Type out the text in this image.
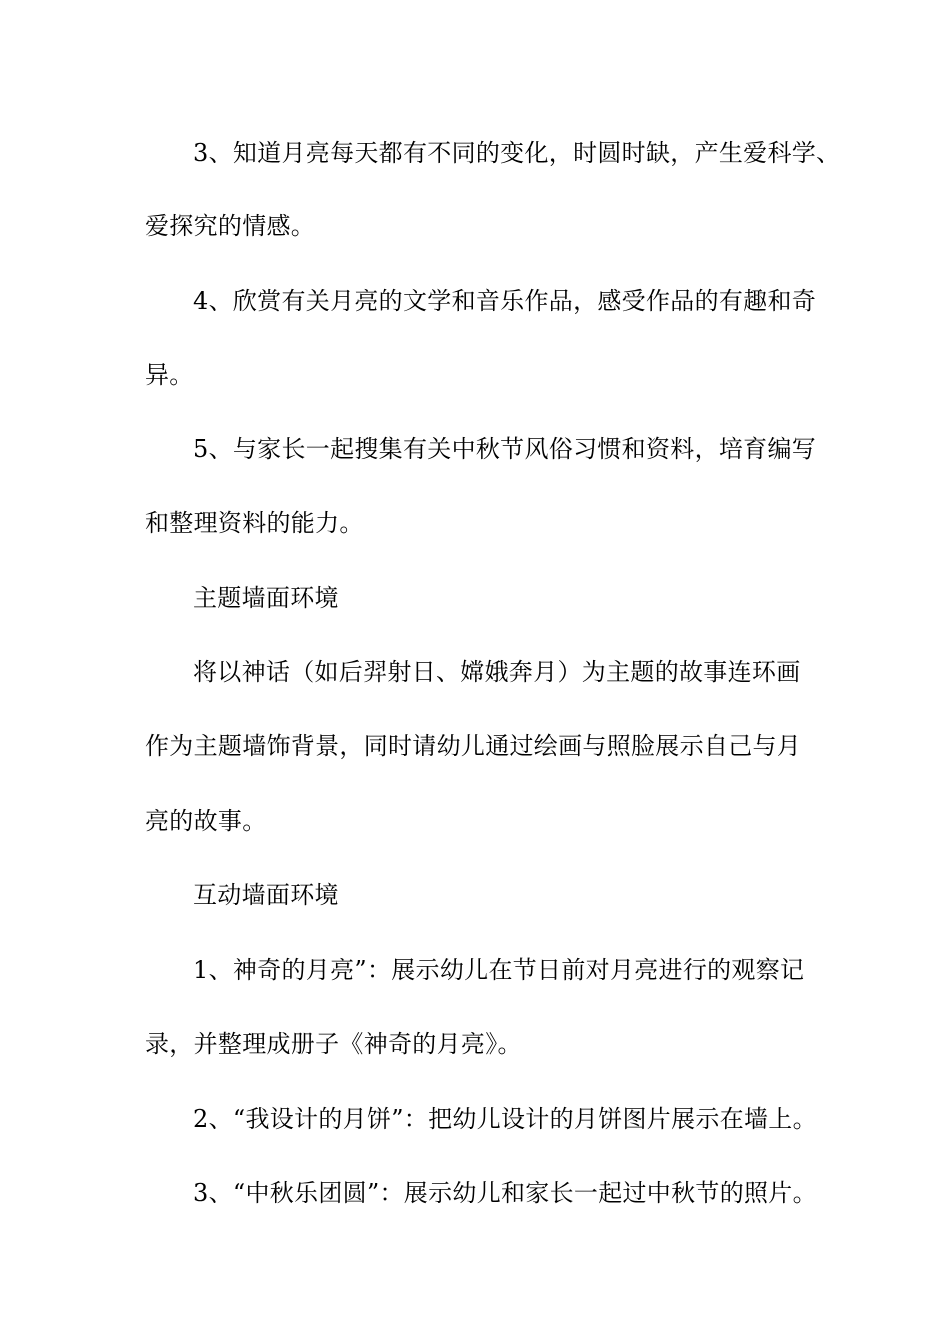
3、知道月亮每天都有不同的变化，时圆时缺，产生爱科学、
爱探究的情感。
4、欣赏有关月亮的文学和音乐作品，感受作品的有趣和奇
异。
5、与家长一起搜集有关中秋节风俗习惯和资料，培育编写
和整理资料的能力。
主题墙面环境
将以神话（如后羿射日、嫦娥奔月）为主题的故事连环画
作为主题墙饰背景，同时请幼儿通过绘画与照脸展示自己与月
亮的故事。
互动墙面环境
1、神奇的月亮”：展示幼儿在节日前对月亮进行的观察记
录，并整理成册子《神奇的月亮》。
2、“我设计的月饼”：把幼儿设计的月饼图片展示在墙上。
3、“中秋乐团圆”：展示幼儿和家长一起过中秋节的照片。
